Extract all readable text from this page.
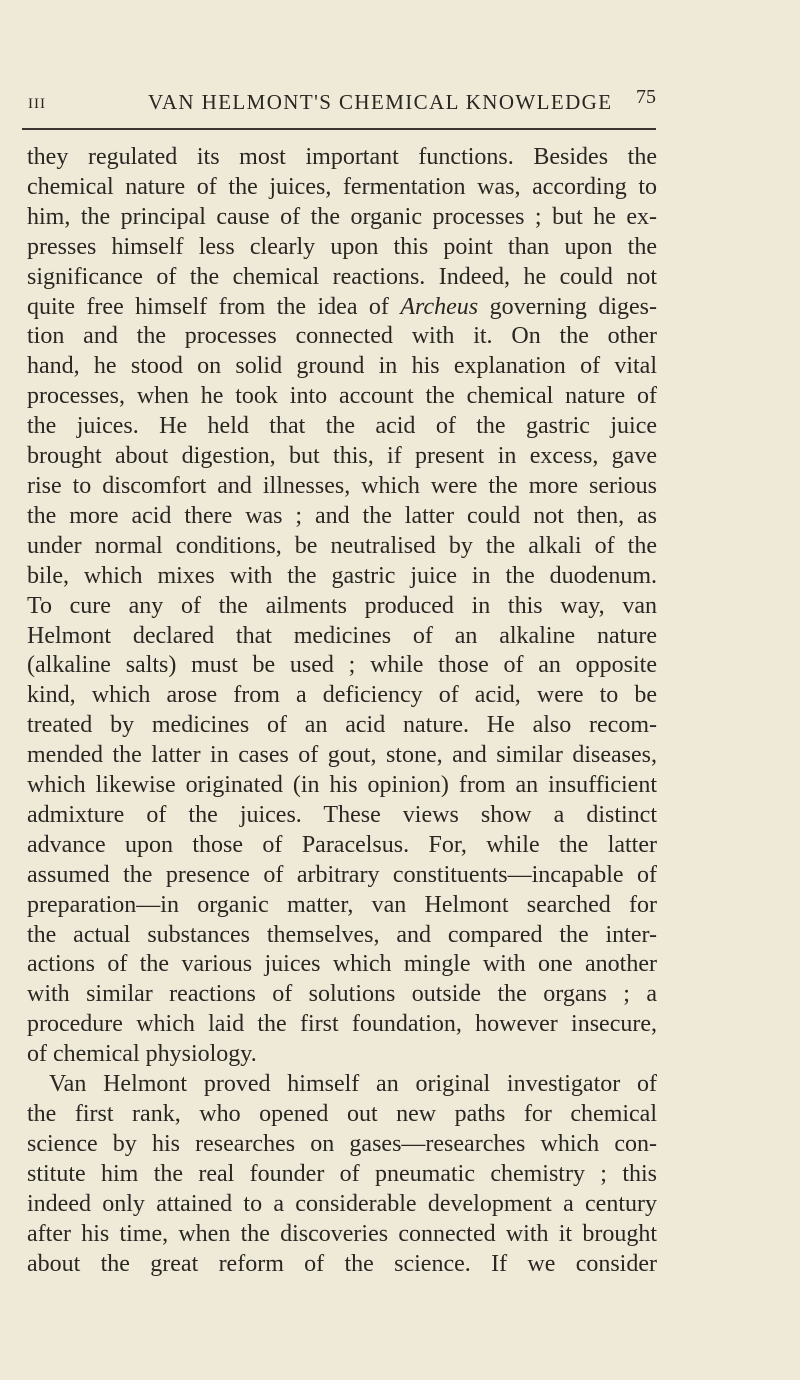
III	VAN HELMONT'S CHEMICAL KNOWLEDGE 75
they regulated its most important functions. Besides the
chemical nature of the juices, fermentation was, according to
him, the principal cause of the organic processes ; but he ex-
presses himself less clearly upon this point than upon the
significance of the chemical reactions. Indeed, he could not
quite free himself from the idea of Archeus governing diges-
tion and the processes connected with it. On the other
hand, he stood on solid ground in his explanation of vital
processes, when he took into account the chemical nature of
the juices. He held that the acid of the gastric juice
brought about digestion, but this, if present in excess, gave
rise to discomfort and illnesses, which were the more serious
the more acid there was ; and the latter could not then, as
under normal conditions, be neutralised by the alkali of the
bile, which mixes with the gastric juice in the duodenum.
To cure any of the ailments produced in this way, van
Helmont declared that medicines of an alkaline nature
(alkaline salts) must be used ; while those of an opposite
kind, which arose from a deficiency of acid, were to be
treated by medicines of an acid nature. He also recom-
mended the latter in cases of gout, stone, and similar diseases,
which likewise originated (in his opinion) from an insufficient
admixture of the juices. These views show a distinct
advance upon those of Paracelsus. For, while the latter
assumed the presence of arbitrary constituents—incapable of
preparation—in organic matter, van Helmont searched for
the actual substances themselves, and compared the inter-
actions of the various juices which mingle with one another
with similar reactions of solutions outside the organs ; a
procedure which laid the first foundation, however insecure,
of chemical physiology.
Van Helmont proved himself an original investigator of
the first rank, who opened out new paths for chemical
science by his researches on gases—researches which con-
stitute him the real founder of pneumatic chemistry ; this
indeed only attained to a considerable development a century
after his time, when the discoveries connected with it brought
about the great reform of the science. If we consider
